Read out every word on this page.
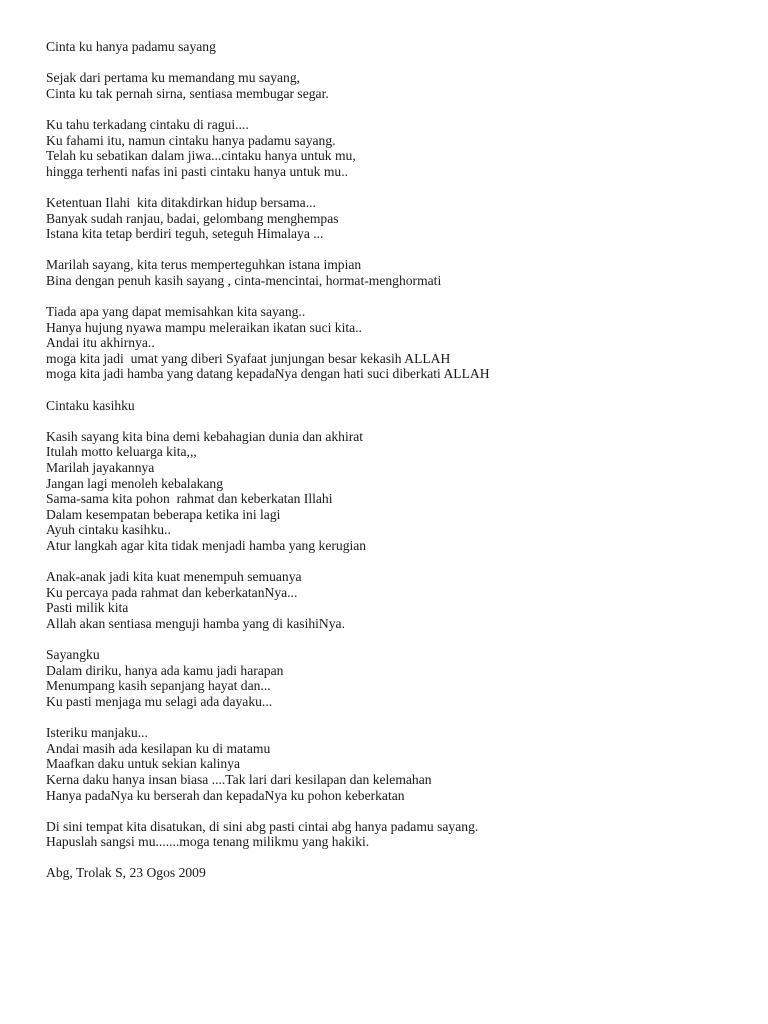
Cinta ku hanya padamu sayang
Sejak dari pertama ku memandang mu sayang,
Cinta ku tak pernah sirna, sentiasa membugar segar.
Ku tahu terkadang cintaku di ragui....
Ku fahami itu, namun cintaku hanya padamu sayang.
Telah ku sebatikan dalam jiwa...cintaku hanya untuk mu,
hingga terhenti nafas ini pasti cintaku hanya untuk mu..
Ketentuan Ilahi  kita ditakdirkan hidup bersama...
Banyak sudah ranjau, badai, gelombang menghempas
Istana kita tetap berdiri teguh, seteguh Himalaya ...
Marilah sayang, kita terus memperteguhkan istana impian
Bina dengan penuh kasih sayang , cinta-mencintai, hormat-menghormati
Tiada apa yang dapat memisahkan kita sayang..
Hanya hujung nyawa mampu meleraikan ikatan suci kita..
Andai itu akhirnya..
moga kita jadi  umat yang diberi Syafaat junjungan besar kekasih ALLAH
moga kita jadi hamba yang datang kepadaNya dengan hati suci diberkati ALLAH
Cintaku kasihku
Kasih sayang kita bina demi kebahagian dunia dan akhirat
Itulah motto keluarga kita,,,
Marilah jayakannya
Jangan lagi menoleh kebalakang
Sama-sama kita pohon  rahmat dan keberkatan Illahi
Dalam kesempatan beberapa ketika ini lagi
Ayuh cintaku kasihku..
Atur langkah agar kita tidak menjadi hamba yang kerugian
Anak-anak jadi kita kuat menempuh semuanya
Ku percaya pada rahmat dan keberkatanNya...
Pasti milik kita
Allah akan sentiasa menguji hamba yang di kasihiNya.
Sayangku
Dalam diriku, hanya ada kamu jadi harapan
Menumpang kasih sepanjang hayat dan...
Ku pasti menjaga mu selagi ada dayaku...
Isteriku manjaku...
Andai masih ada kesilapan ku di matamu
Maafkan daku untuk sekian kalinya
Kerna daku hanya insan biasa ....Tak lari dari kesilapan dan kelemahan
Hanya padaNya ku berserah dan kepadaNya ku pohon keberkatan
Di sini tempat kita disatukan, di sini abg pasti cintai abg hanya padamu sayang.
Hapuslah sangsi mu.......moga tenang milikmu yang hakiki.
Abg, Trolak S, 23 Ogos 2009
